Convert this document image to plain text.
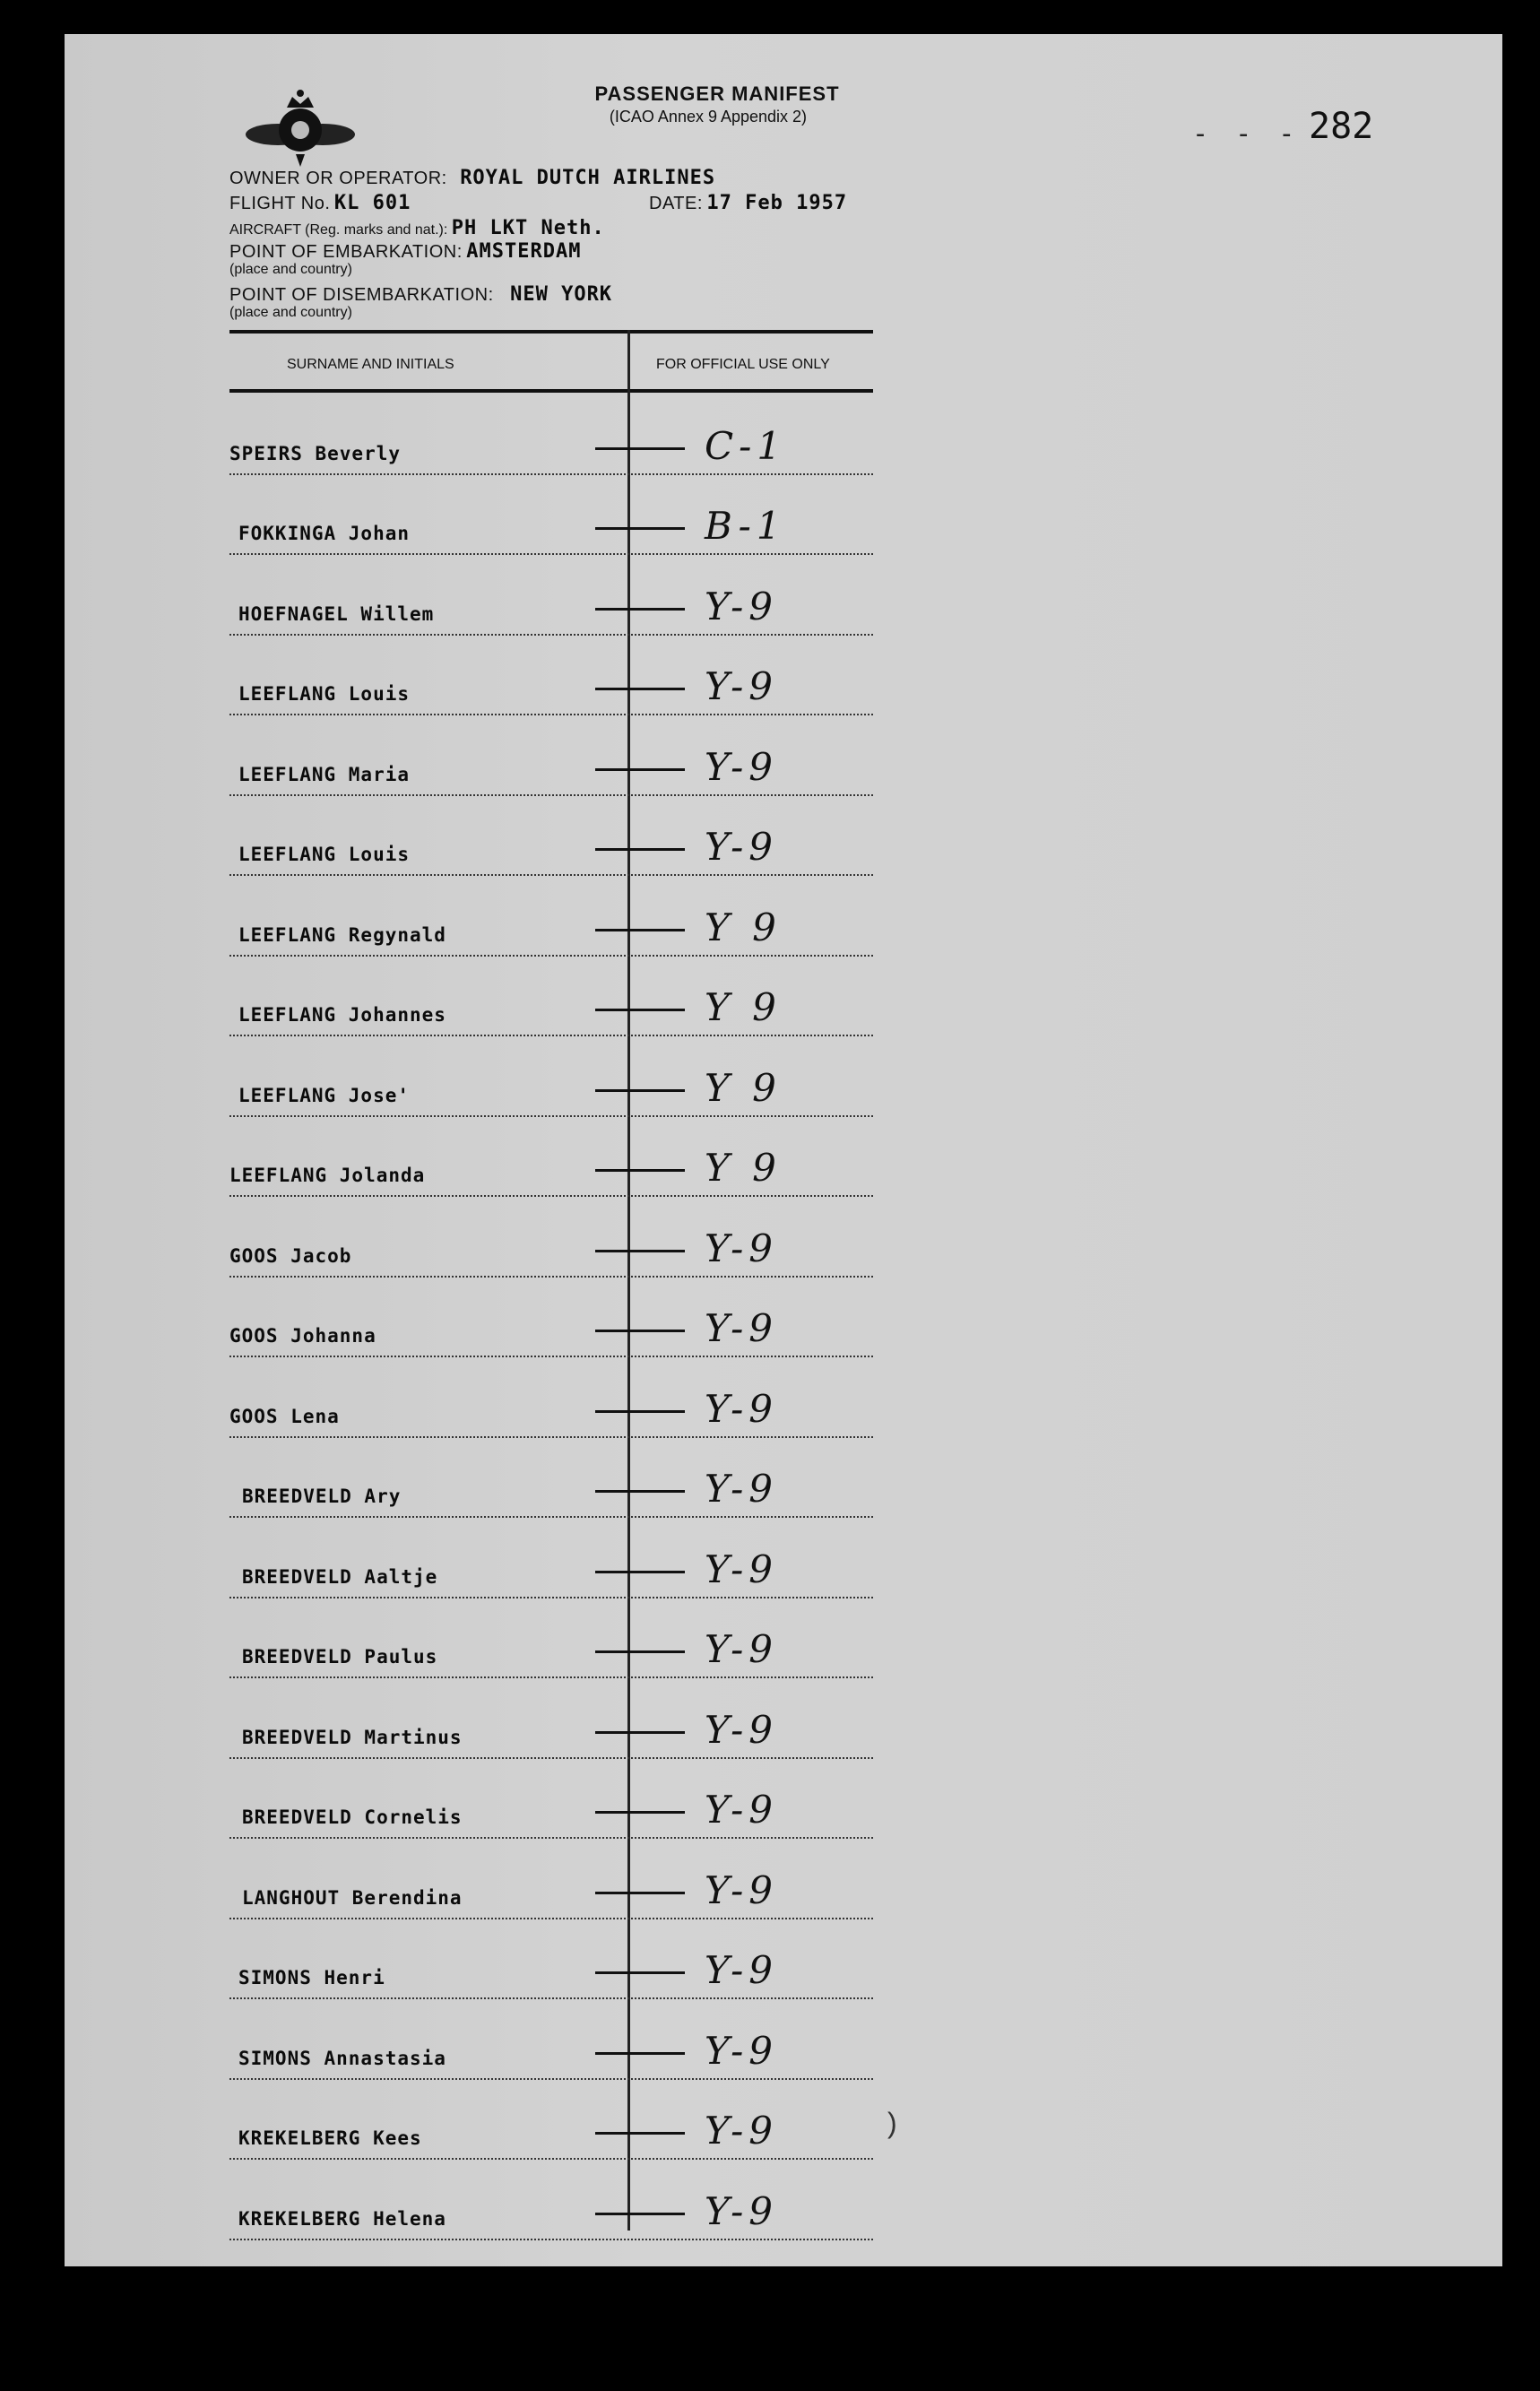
- - - 282
PASSENGER MANIFEST
(ICAO Annex 9 Appendix 2)
OWNER OR OPERATOR: ROYAL DUTCH AIRLINES
FLIGHT No. KL 601	DATE: 17 Feb 1957
AIRCRAFT (Reg. marks and nat.): PH LKT Neth.
POINT OF EMBARKATION: AMSTERDAM
(place and country)
POINT OF DISEMBARKATION: NEW YORK
(place and country)
SURNAME AND INITIALS	FOR OFFICIAL USE ONLY
SPEIRS Beverly	C-1
FOKKINGA Johan	B-1
HOEFNAGEL Willem	Y-9
LEEFLANG Louis	Y-9
LEEFLANG Maria	Y-9
LEEFLANG Louis	Y-9
LEEFLANG Regynald	Y 9
LEEFLANG Johannes	Y 9
LEEFLANG Jose'	Y 9
LEEFLANG Jolanda	Y 9
GOOS Jacob	Y-9
GOOS Johanna	Y-9
GOOS Lena	Y-9
BREEDVELD Ary	Y-9
BREEDVELD Aaltje	Y-9
BREEDVELD Paulus	Y-9
BREEDVELD Martinus	Y-9
BREEDVELD Cornelis	Y-9
LANGHOUT Berendina	Y-9
SIMONS Henri	Y-9
SIMONS Annastasia	Y-9
KREKELBERG Kees	Y-9
KREKELBERG Helena	Y-9
)
